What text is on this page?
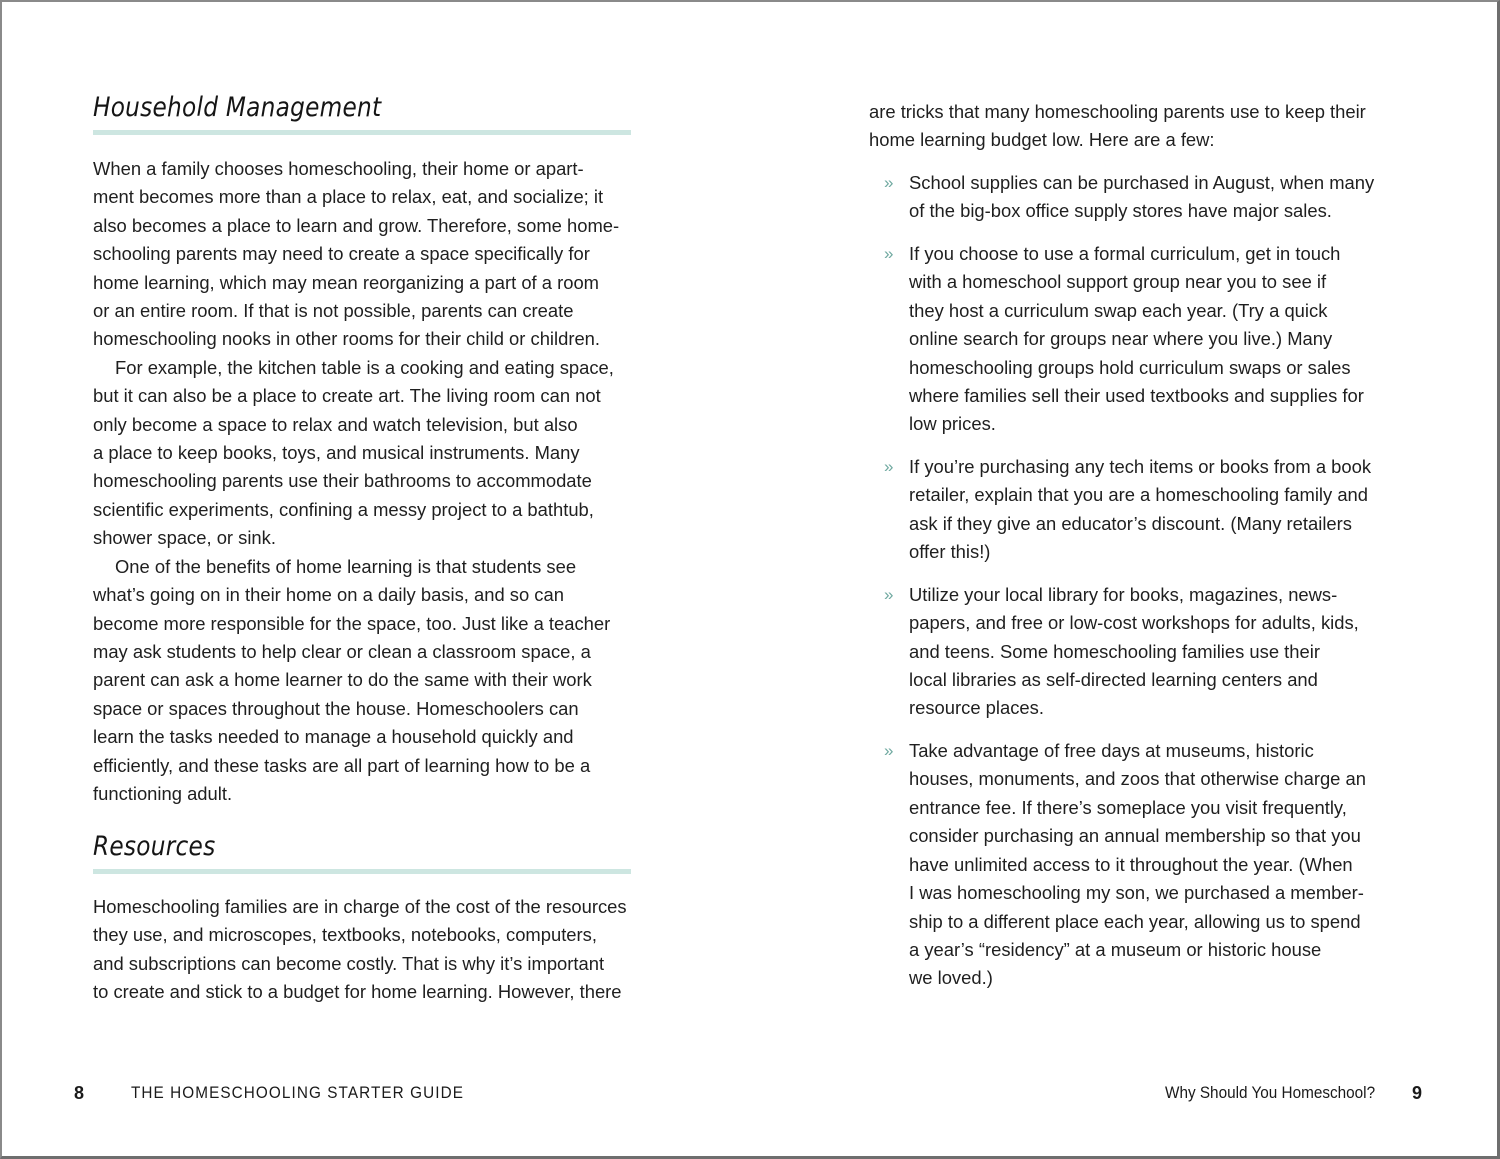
Household Management

When a family chooses homeschooling, their home or apart-
ment becomes more than a place to relax, eat, and socialize; it
also becomes a place to learn and grow. Therefore, some home-
schooling parents may need to create a space specifically for
home learning, which may mean reorganizing a part of a room
or an entire room. If that is not possible, parents can create
homeschooling nooks in other rooms for their child or children.

For example, the kitchen table is a cooking and eating space,
but it can also be a place to create art. The living room can not
only become a space to relax and watch television, but also
a place to keep books, toys, and musical instruments. Many
homeschooling parents use their bathrooms to accommodate
scientific experiments, confining a messy project to a bathtub,
shower space, or sink.

One of the benefits of home learning is that students see
what’s going on in their home on a daily basis, and so can
become more responsible for the space, too. Just like a teacher
may ask students to help clear or clean a classroom space, a
parent can ask a home learner to do the same with their work
space or spaces throughout the house. Homeschoolers can
learn the tasks needed to manage a household quickly and
efficiently, and these tasks are all part of learning how to be a
functioning adult.

Resources

Homeschooling families are in charge of the cost of the resources
they use, and microscopes, textbooks, notebooks, computers,
and subscriptions can become costly. That is why it’s important
to create and stick to a budget for home learning. However, there

are tricks that many homeschooling parents use to keep their
home learning budget low. Here are a few:
» School supplies can be purchased in August, when many
of the big-box office supply stores have major sales.
» If you choose to use a formal curriculum, get in touch
with a homeschool support group near you to see if
they host a curriculum swap each year. (Try a quick
online search for groups near where you live.) Many
homeschooling groups hold curriculum swaps or sales
where families sell their used textbooks and supplies for
low prices.
» If you’re purchasing any tech items or books from a book
retailer, explain that you are a homeschooling family and
ask if they give an educator’s discount. (Many retailers
offer this!)
» Utilize your local library for books, magazines, news-
papers, and free or low-cost workshops for adults, kids,
and teens. Some homeschooling families use their
local libraries as self-directed learning centers and
resource places.
» Take advantage of free days at museums, historic
houses, monuments, and zoos that otherwise charge an
entrance fee. If there’s someplace you visit frequently,
consider purchasing an annual membership so that you
have unlimited access to it throughout the year. (When
I was homeschooling my son, we purchased a member-
ship to a different place each year, allowing us to spend
a year’s “residency” at a museum or historic house
we loved.)
8	THE HOMESCHOOLING STARTER GUIDE	Why Should You Homeschool? 9
